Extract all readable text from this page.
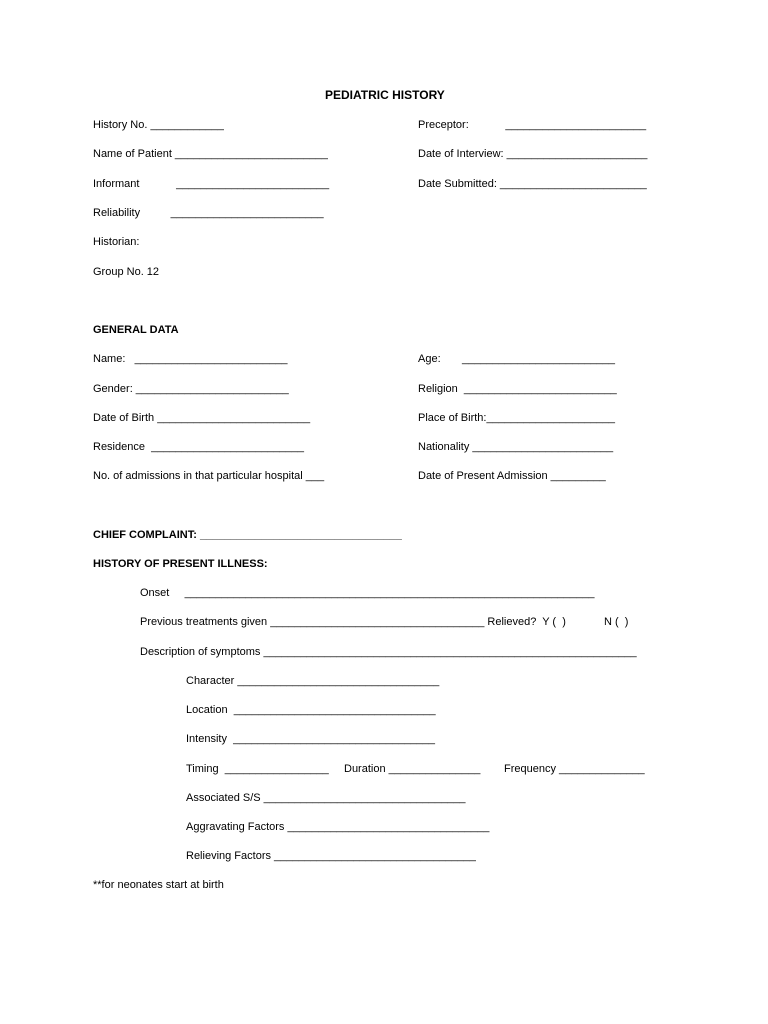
PEDIATRIC HISTORY
History No. ____________
Name of Patient _________________________
Informant            _________________________
Reliability          _________________________
Historian:
Group No. 12
Preceptor:            _______________________
Date of Interview: _______________________
Date Submitted: ________________________
GENERAL DATA
Name:   _________________________
Gender: _________________________
Date of Birth _________________________
Residence  _________________________
No. of admissions in that particular hospital ___
Age:       _________________________
Religion  _________________________
Place of Birth:_____________________
Nationality _______________________
Date of Present Admission _________
CHIEF COMPLAINT: _________________________________
HISTORY OF PRESENT ILLNESS:
Onset     ___________________________________________________________________
Previous treatments given ___________________________________ Relieved?  Y (  )	N (  )
Description of symptoms _____________________________________________________________
Character _________________________________
Location  _________________________________
Intensity  _________________________________
Timing  _________________ Duration _______________ Frequency ______________
Associated S/S _________________________________
Aggravating Factors _________________________________
Relieving Factors _________________________________
**for neonates start at birth
